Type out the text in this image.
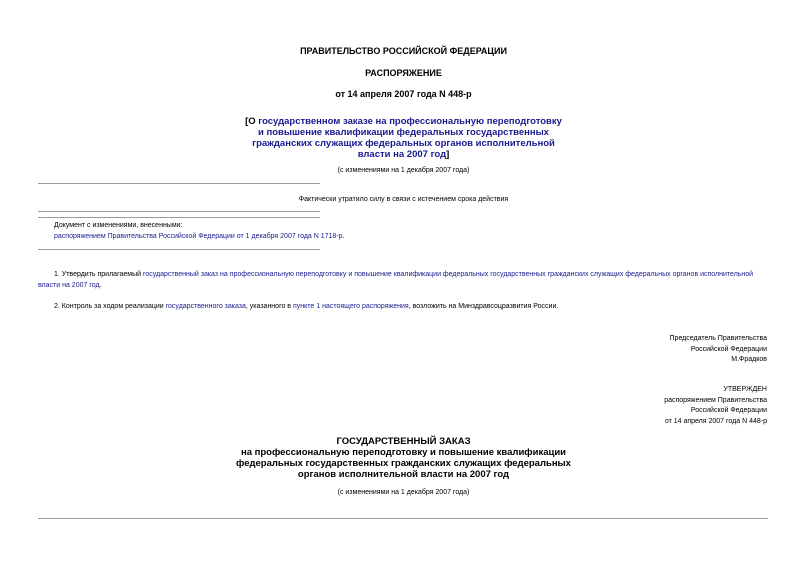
ПРАВИТЕЛЬСТВО РОССИЙСКОЙ ФЕДЕРАЦИИ
РАСПОРЯЖЕНИЕ
от 14 апреля 2007 года N 448-р
[О государственном заказе на профессиональную переподготовку
и повышение квалификации федеральных государственных
гражданских служащих федеральных органов исполнительной
власти на 2007 год]
(с изменениями на 1 декабря 2007 года)
Фактически утратило силу в связи с истечением срока действия
Документ с изменениями, внесенными:
распоряжением Правительства Российской Федерации от 1 декабря 2007 года N 1718-р.
1. Утвердить прилагаемый государственный заказ на профессиональную переподготовку и повышение квалификации федеральных государственных гражданских служащих федеральных органов исполнительной власти на 2007 год.
2. Контроль за ходом реализации государственного заказа, указанного в пункте 1 настоящего распоряжения, возложить на Минздравсоцразвития России.
Председатель Правительства
Российской Федерации
М.Фрадков
УТВЕРЖДЕН
распоряжением Правительства
Российской Федерации
от 14 апреля 2007 года N 448-р
ГОСУДАРСТВЕННЫЙ ЗАКАЗ
на профессиональную переподготовку и повышение квалификации
федеральных государственных гражданских служащих федеральных
органов исполнительной власти на 2007 год
(с изменениями на 1 декабря 2007 года)
